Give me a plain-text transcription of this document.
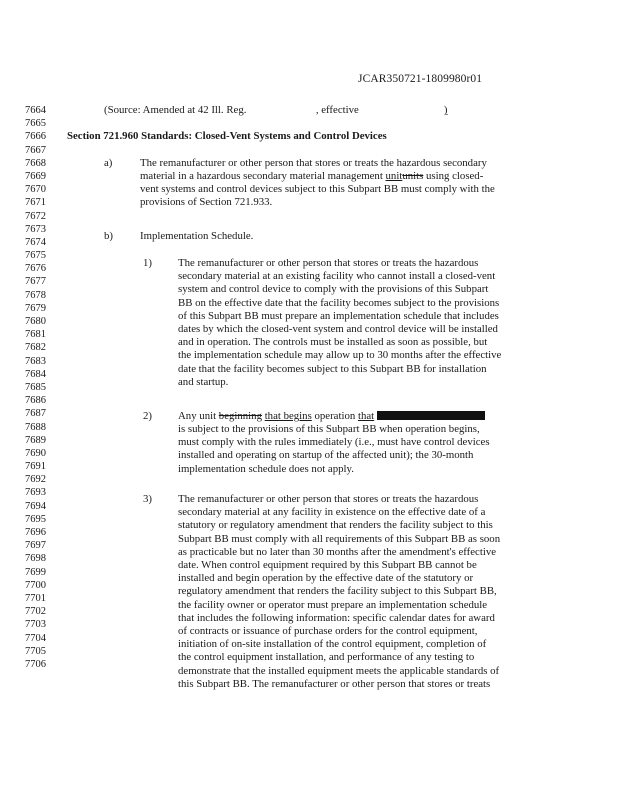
JCAR350721-1809980r01
7664
7665
7666
7667
7668
7669
7670
7671
7672
7673
7674
7675
7676
7677
7678
7679
7680
7681
7682
7683
7684
7685
7686
7687
7688
7689
7690
7691
7692
7693
7694
7695
7696
7697
7698
7699
7700
7701
7702
7703
7704
7705
7706
(Source: Amended at 42 Ill. Reg.	, effective	)
Section 721.960 Standards: Closed-Vent Systems and Control Devices
a)	The remanufacturer or other person that stores or treats the hazardous secondary
material in a hazardous secondary material management unitunits using closed-
vent systems and control devices subject to this Subpart BB must comply with the
provisions of Section 721.933.
b)	Implementation Schedule.
1) The remanufacturer or other person that stores or treats the hazardous
secondary material at an existing facility who cannot install a closed-vent
system and control device to comply with the provisions of this Subpart
BB on the effective date that the facility becomes subject to the provisions
of this Subpart BB must prepare an implementation schedule that includes
dates by which the closed-vent system and control device will be installed
and in operation. The controls must be installed as soon as possible, but
the implementation schedule may allow up to 30 months after the effective
date that the facility becomes subject to this Subpart BB for installation
and startup.
2) Any unit beginning that begins operation that
is subject to the provisions of this Subpart BB when operation begins,
must comply with the rules immediately (i.e., must have control devices
installed and operating on startup of the affected unit); the 30-month
implementation schedule does not apply.
3) The remanufacturer or other person that stores or treats the hazardous
secondary material at any facility in existence on the effective date of a
statutory or regulatory amendment that renders the facility subject to this
Subpart BB must comply with all requirements of this Subpart BB as soon
as practicable but no later than 30 months after the amendment's effective
date. When control equipment required by this Subpart BB cannot be
installed and begin operation by the effective date of the statutory or
regulatory amendment that renders the facility subject to this Subpart BB,
the facility owner or operator must prepare an implementation schedule
that includes the following information: specific calendar dates for award
of contracts or issuance of purchase orders for the control equipment,
initiation of on-site installation of the control equipment, completion of
the control equipment installation, and performance of any testing to
demonstrate that the installed equipment meets the applicable standards of
this Subpart BB. The remanufacturer or other person that stores or treats
